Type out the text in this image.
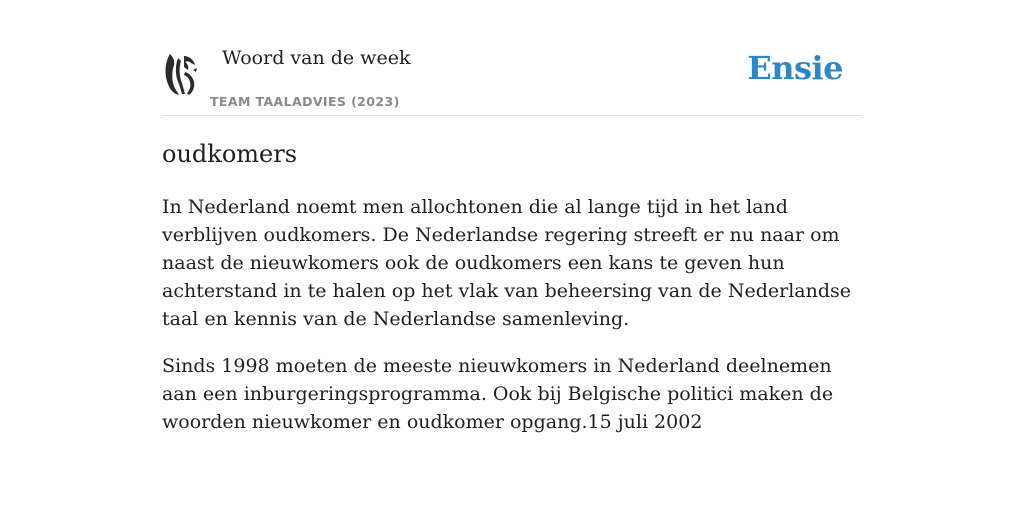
Woord van de week
TEAM TAALADVIES (2023)
Ensie
oudkomers

In Nederland noemt men allochtonen die al lange tijd in het land verblijven oudkomers. De Nederlandse regering streeft er nu naar om naast de nieuwkomers ook de oudkomers een kans te geven hun achterstand in te halen op het vlak van beheersing van de Nederlandse taal en kennis van de Nederlandse samenleving.

Sinds 1998 moeten de meeste nieuwkomers in Nederland deelnemen aan een inburgeringsprogramma. Ook bij Belgische politici maken de woorden nieuwkomer en oudkomer opgang.15 juli 2002
